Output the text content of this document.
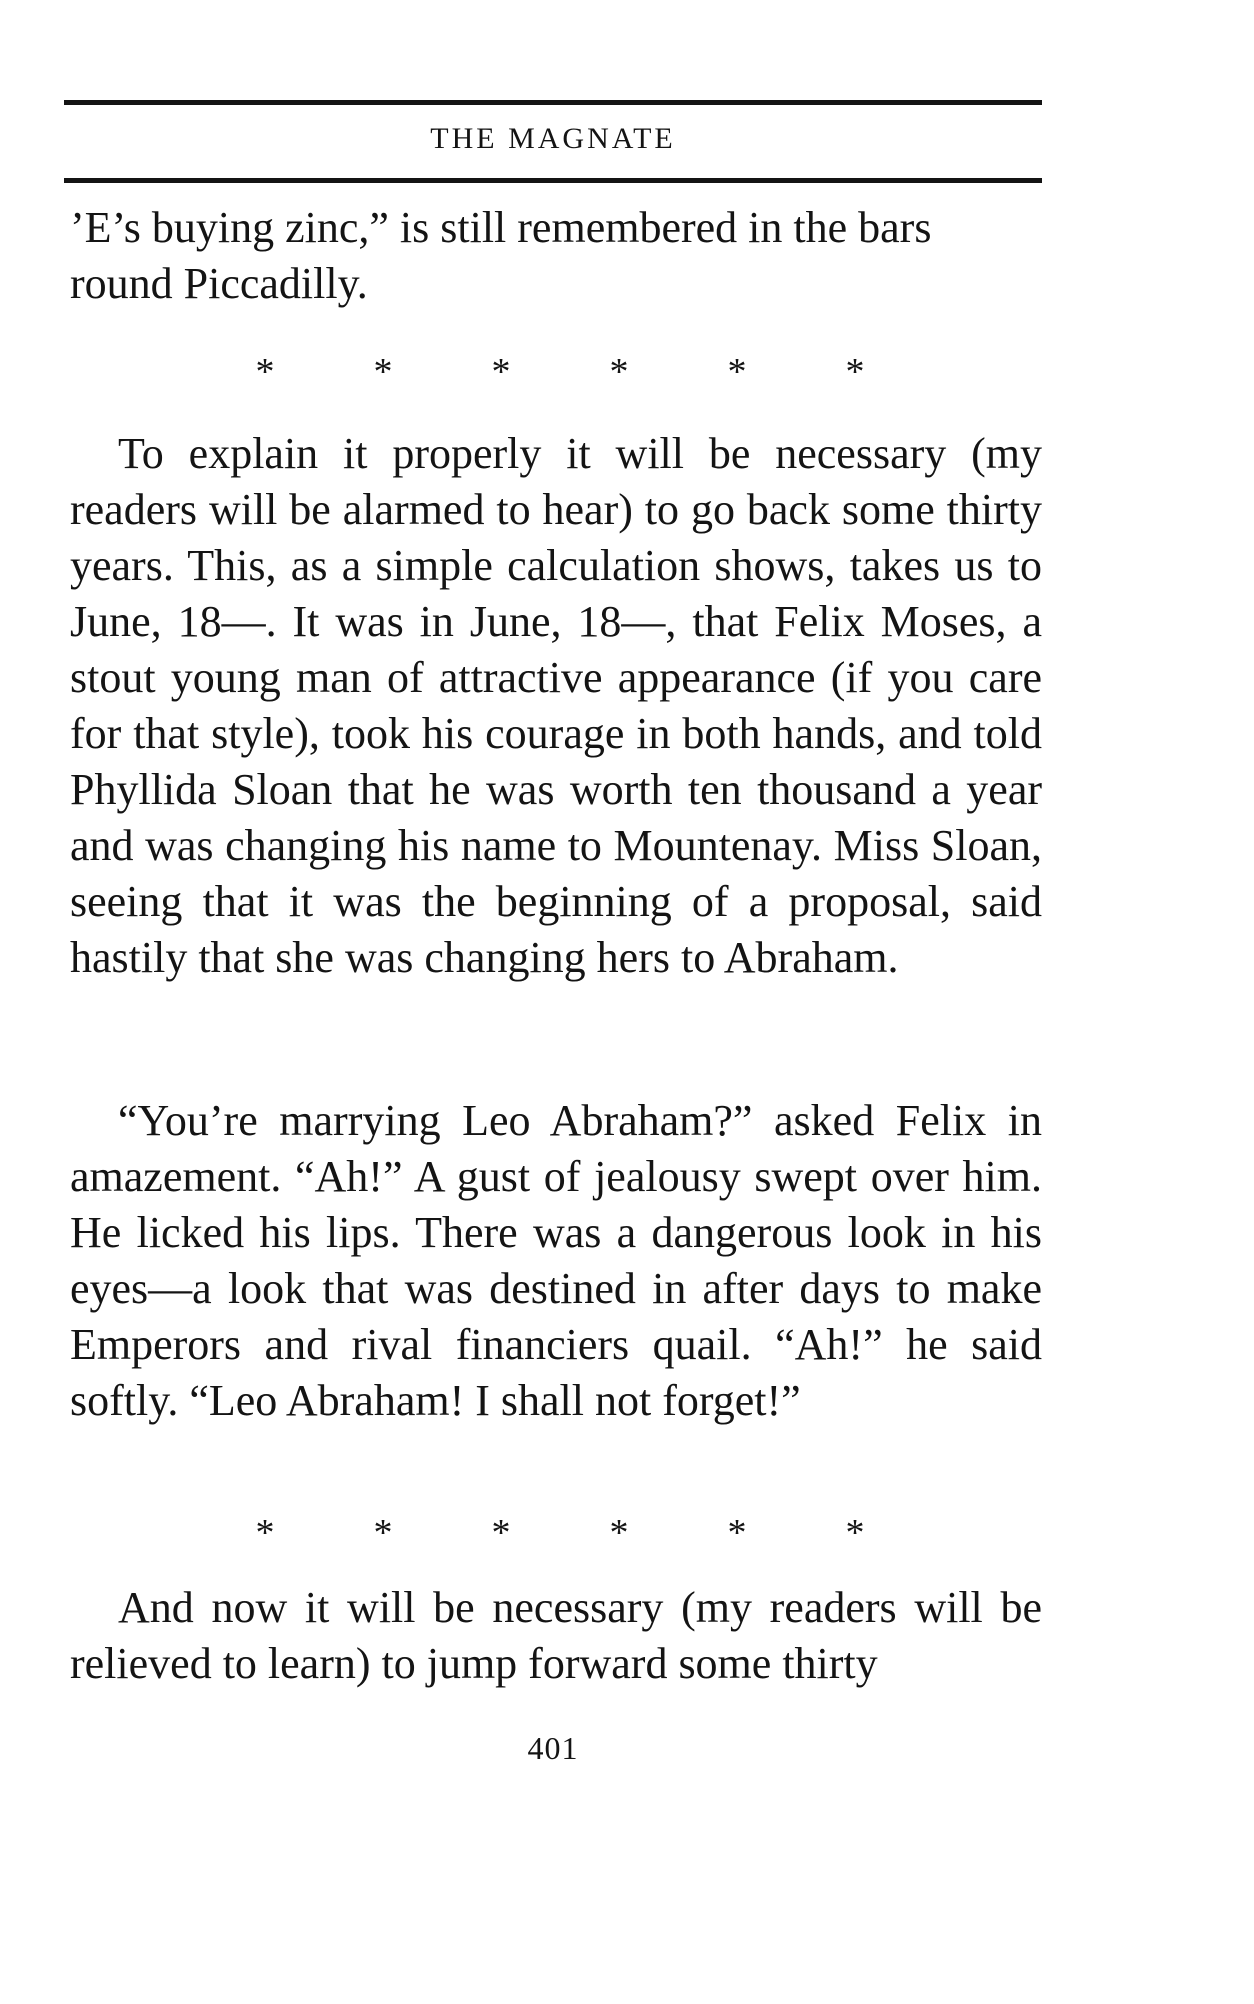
THE MAGNATE
’E’s buying zinc,” is still remembered in the bars round Piccadilly.
*	*	*	*	*	*
To explain it properly it will be necessary (my readers will be alarmed to hear) to go back some thirty years. This, as a simple calculation shows, takes us to June, 18—. It was in June, 18—, that Felix Moses, a stout young man of attractive appearance (if you care for that style), took his courage in both hands, and told Phyllida Sloan that he was worth ten thousand a year and was changing his name to Mountenay. Miss Sloan, seeing that it was the beginning of a proposal, said hastily that she was changing hers to Abraham.
“You’re marrying Leo Abraham?” asked Felix in amazement. “Ah!” A gust of jealousy swept over him. He licked his lips. There was a dangerous look in his eyes—a look that was destined in after days to make Emperors and rival financiers quail. “Ah!” he said softly. “Leo Abraham! I shall not forget!”
*	*	*	*	*	*
And now it will be necessary (my readers will be relieved to learn) to jump forward some thirty
401
